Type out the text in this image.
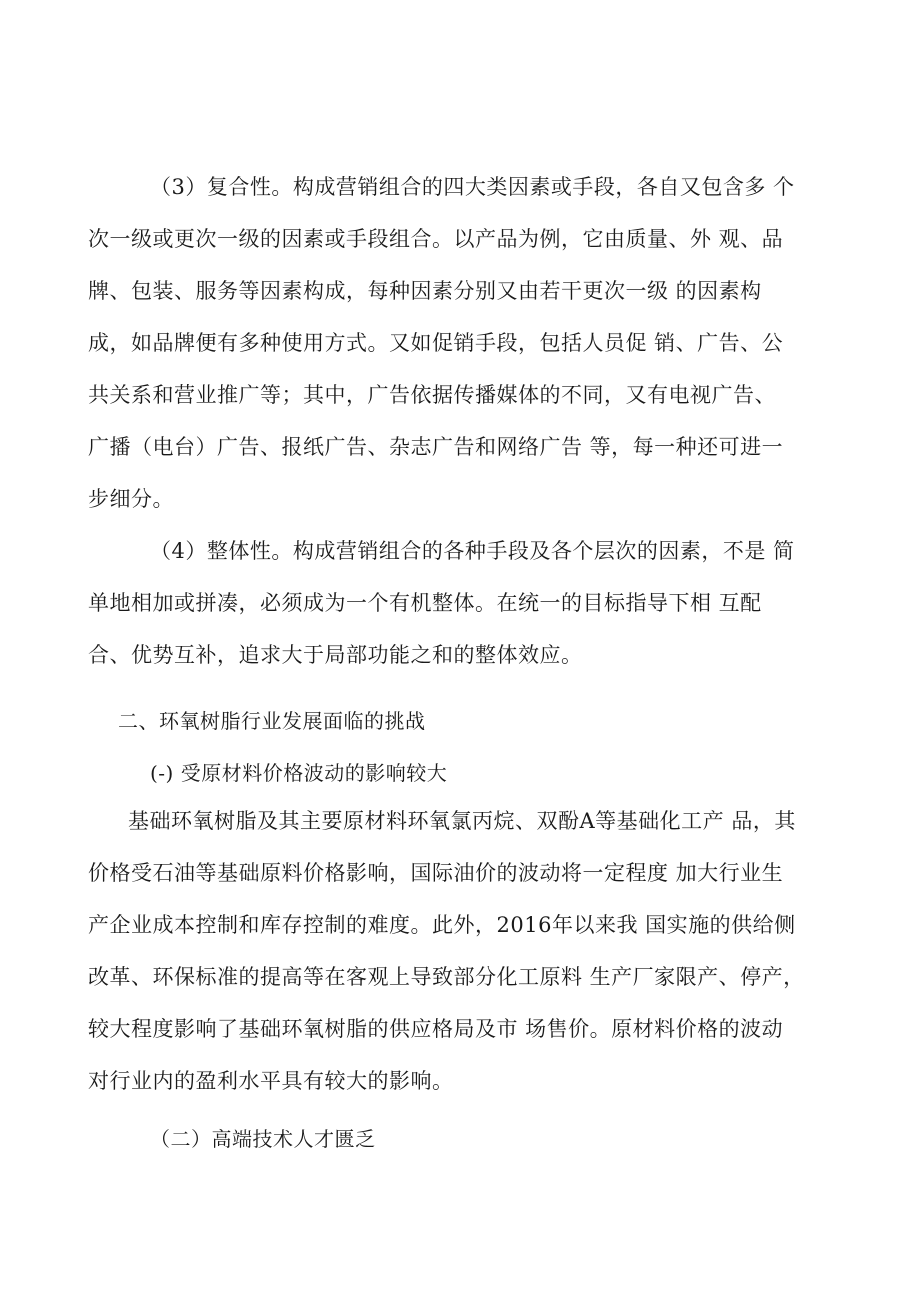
（3）复合性。构成营销组合的四大类因素或手段，各自又包含多 个
次一级或更次一级的因素或手段组合。以产品为例，它由质量、外 观、品
牌、包装、服务等因素构成，每种因素分别又由若干更次一级 的因素构
成，如品牌便有多种使用方式。又如促销手段，包括人员促 销、广告、公
共关系和营业推广等；其中，广告依据传播媒体的不同，又有电视广告、
广播（电台）广告、报纸广告、杂志广告和网络广告 等，每一种还可进一
步细分。
（4）整体性。构成营销组合的各种手段及各个层次的因素，不是 简
单地相加或拼凑，必须成为一个有机整体。在统一的目标指导下相 互配
合、优势互补，追求大于局部功能之和的整体效应。
二、环氧树脂行业发展面临的挑战
(-) 受原材料价格波动的影响较大
基础环氧树脂及其主要原材料环氧氯丙烷、双酚A等基础化工产 品，其
价格受石油等基础原料价格影响，国际油价的波动将一定程度 加大行业生
产企业成本控制和库存控制的难度。此外，2016年以来我 国实施的供给侧
改革、环保标准的提高等在客观上导致部分化工原料 生产厂家限产、停产，
较大程度影响了基础环氧树脂的供应格局及市 场售价。原材料价格的波动
对行业内的盈利水平具有较大的影响。
（二）高端技术人才匮乏
